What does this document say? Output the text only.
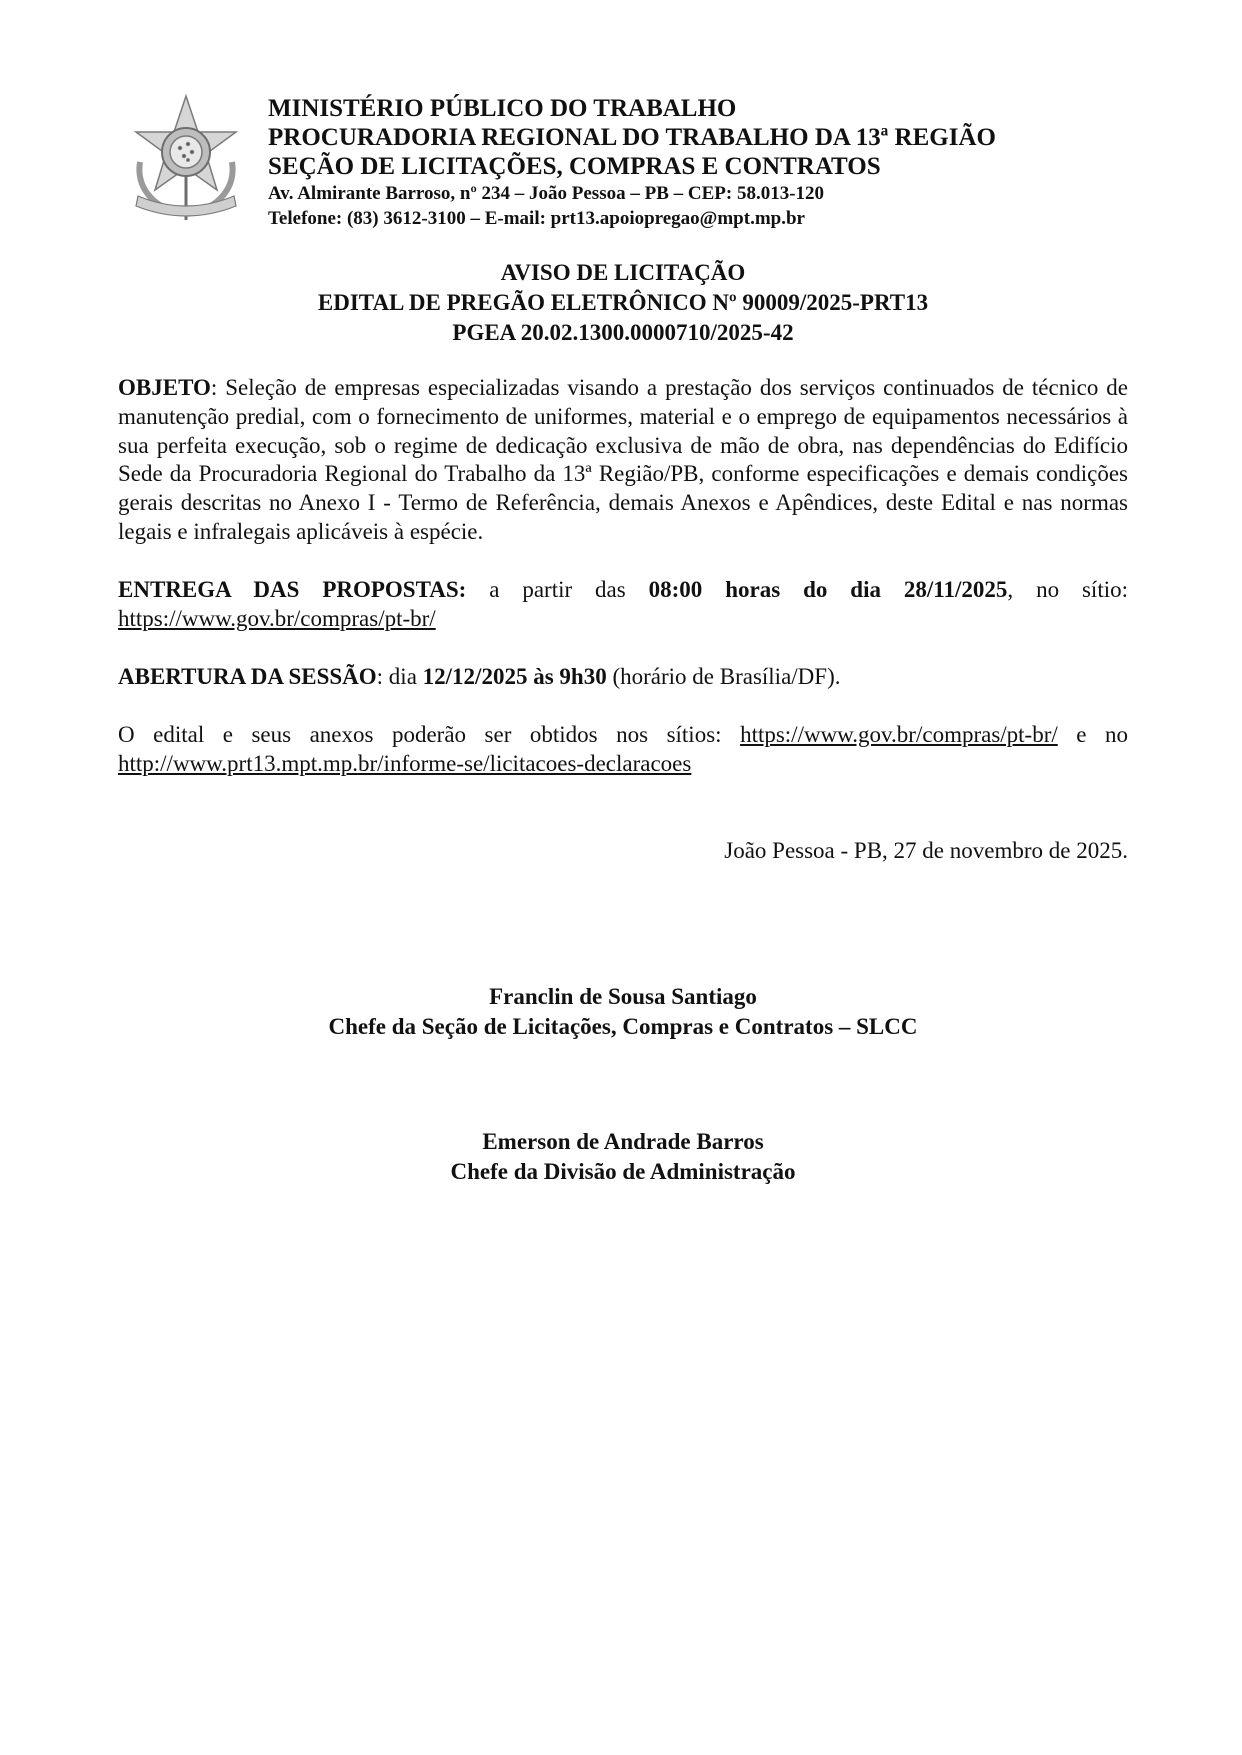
MINISTÉRIO PÚBLICO DO TRABALHO
PROCURADORIA REGIONAL DO TRABALHO DA 13ª REGIÃO
SEÇÃO DE LICITAÇÕES, COMPRAS E CONTRATOS
Av. Almirante Barroso, nº 234 – João Pessoa – PB – CEP: 58.013-120
Telefone: (83) 3612-3100 – E-mail: prt13.apoiopregao@mpt.mp.br
AVISO DE LICITAÇÃO
EDITAL DE PREGÃO ELETRÔNICO Nº 90009/2025-PRT13
PGEA 20.02.1300.0000710/2025-42
OBJETO: Seleção de empresas especializadas visando a prestação dos serviços continuados de técnico de manutenção predial, com o fornecimento de uniformes, material e o emprego de equipamentos necessários à sua perfeita execução, sob o regime de dedicação exclusiva de mão de obra, nas dependências do Edifício Sede da Procuradoria Regional do Trabalho da 13ª Região/PB, conforme especificações e demais condições gerais descritas no Anexo I - Termo de Referência, demais Anexos e Apêndices, deste Edital e nas normas legais e infralegais aplicáveis à espécie.
ENTREGA DAS PROPOSTAS: a partir das 08:00 horas do dia 28/11/2025, no sítio: https://www.gov.br/compras/pt-br/
ABERTURA DA SESSÃO: dia 12/12/2025 às 9h30 (horário de Brasília/DF).
O edital e seus anexos poderão ser obtidos nos sítios: https://www.gov.br/compras/pt-br/ e no http://www.prt13.mpt.mp.br/informe-se/licitacoes-declaracoes
João Pessoa - PB, 27 de novembro de 2025.
Franclin de Sousa Santiago
Chefe da Seção de Licitações, Compras e Contratos – SLCC
Emerson de Andrade Barros
Chefe da Divisão de Administração
